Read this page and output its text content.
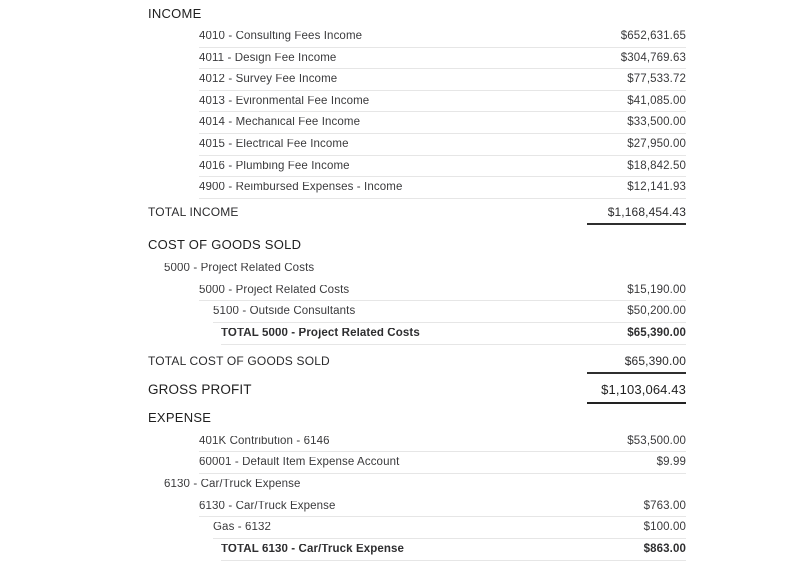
INCOME
4010 - Consulting Fees Income	$652,631.65
4011 - Design Fee Income	$304,769.63
4012 - Survey Fee Income	$77,533.72
4013 - Evironmental Fee Income	$41,085.00
4014 - Mechanical Fee Income	$33,500.00
4015 - Electrical Fee Income	$27,950.00
4016 - Plumbing Fee Income	$18,842.50
4900 - Reimbursed Expenses - Income	$12,141.93
TOTAL INCOME	$1,168,454.43
COST OF GOODS SOLD
5000 - Project Related Costs
5000 - Project Related Costs	$15,190.00
5100 - Outside Consultants	$50,200.00
TOTAL 5000 - Project Related Costs	$65,390.00
TOTAL COST OF GOODS SOLD	$65,390.00
GROSS PROFIT	$1,103,064.43
EXPENSE
401K Contribution - 6146	$53,500.00
60001 - Default Item Expense Account	$9.99
6130 - Car/Truck Expense
6130 - Car/Truck Expense	$763.00
Gas - 6132	$100.00
TOTAL 6130 - Car/Truck Expense	$863.00
